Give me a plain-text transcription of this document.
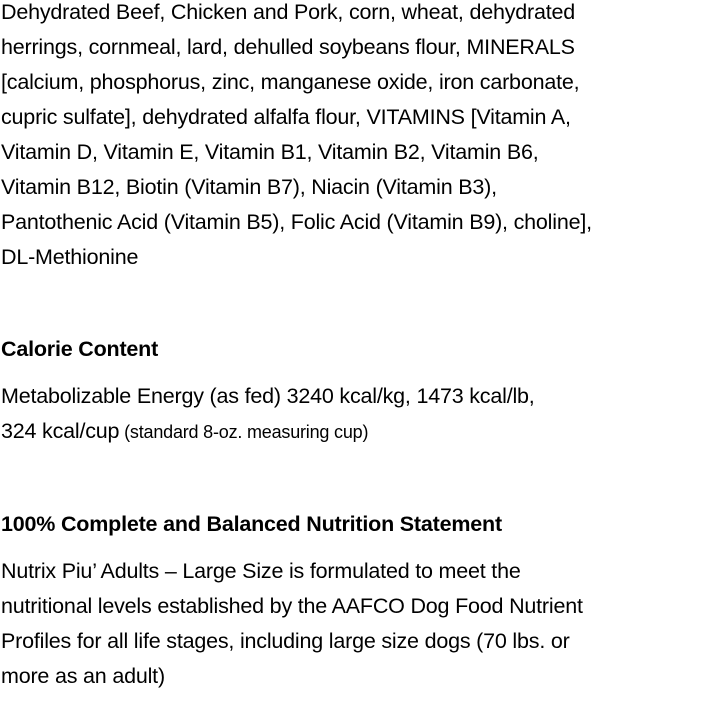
Dehydrated Beef, Chicken and Pork, corn, wheat, dehydrated
herrings, cornmeal, lard, dehulled soybeans flour, MINERALS
[calcium, phosphorus, zinc, manganese oxide, iron carbonate,
cupric sulfate], dehydrated alfalfa flour, VITAMINS [Vitamin A,
Vitamin D, Vitamin E, Vitamin B1, Vitamin B2, Vitamin B6,
Vitamin B12, Biotin (Vitamin B7), Niacin (Vitamin B3),
Pantothenic Acid (Vitamin B5), Folic Acid (Vitamin B9), choline],
DL-Methionine

Calorie Content

Metabolizable Energy (as fed) 3240 kcal/kg, 1473 kcal/lb,
324 kcal/cup (standard 8-oz. measuring cup)

100% Complete and Balanced Nutrition Statement

Nutrix Piu’ Adults – Large Size is formulated to meet the
nutritional levels established by the AAFCO Dog Food Nutrient
Profiles for all life stages, including large size dogs (70 lbs. or
more as an adult)
